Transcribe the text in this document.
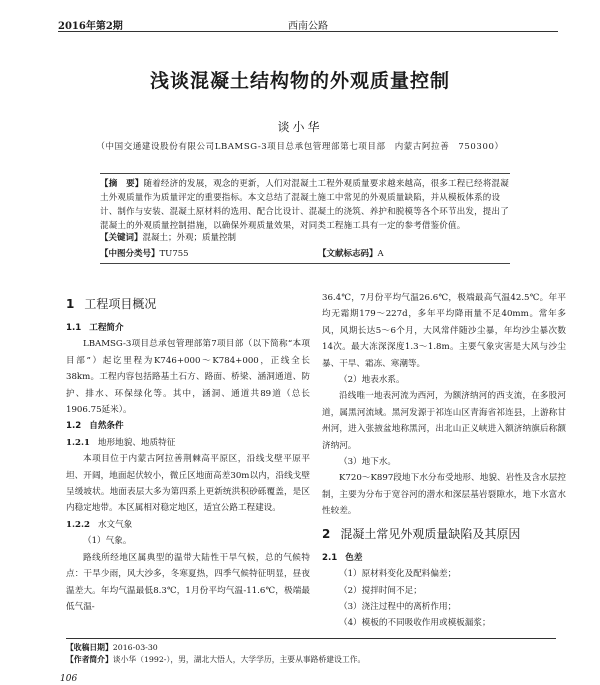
2016年第2期	西南公路
浅谈混凝土结构物的外观质量控制
谈小华
（中国交通建设股份有限公司LBAMSG-3项目总承包管理部第七项目部　内蒙古阿拉善　750300）
【摘　要】随着经济的发展，观念的更新，人们对混凝土工程外观质量要求越来越高，很多工程已经将混凝土外观质量作为质量评定的重要指标。本文总结了混凝土施工中常见的外观质量缺陷，并从模板体系的设计、制作与安装、混凝土原材料的选用、配合比设计、混凝土的浇筑、养护和脱模等各个环节出发，提出了混凝土的外观质量控制措施，以确保外观质量效果，对同类工程施工具有一定的参考借鉴价值。
【关键词】混凝土；外观；质量控制
【中图分类号】TU755	【文献标志码】A
1 工程项目概况
1.1 工程简介

LBAMSG-3项目总承包管理部第7项目部（以下简称“本项目部”）起讫里程为K746+000～K784+000，正线全长38km。工程内容包括路基土石方、路面、桥梁、涵洞通道、防护、排水、环保绿化等。其中，涵洞、通道共89道（总长1906.75延米）。

1.2 自然条件
1.2.1 地形地貌、地质特征

本项目位于内蒙古阿拉善荆棘高平原区，沿线戈壁平原平坦、开阔，地面起伏较小，微丘区地面高差30m以内，沿线戈壁呈缓坡状。地面表层大多为第四系上更新统洪积砂砾覆盖，是区内稳定地带。本区属相对稳定地区，适宜公路工程建设。

1.2.2 水文气象

（1）气象。

路线所经地区属典型的温带大陆性干旱气候，总的气候特点：干旱少雨，风大沙多，冬寒夏热，四季气候特征明显，昼夜温差大。年均气温最低8.3℃，1月份平均气温-11.6℃，极端最低气温-

36.4℃，7月份平均气温26.6℃，极端最高气温42.5℃。年平均无霜期179～227d，多年平均降雨量不足40mm。常年多风，风期长达5～6个月，大风常伴随沙尘暴，年均沙尘暴次数14次。最大冻深深度1.3～1.8m。主要气象灾害是大风与沙尘暴、干旱、霜冻、寒潮等。

（2）地表水系。

沿线唯一地表河流为西河，为额济纳河的西支流，在多股河道，属黑河流域。黑河发源于祁连山区青海省祁连县，上游称甘州河，进入张掖盆地称黑河，出北山正义峡进入额济纳旗后称额济纳河。

（3）地下水。

K720～K897段地下水分布受地形、地貌、岩性及含水层控制，主要为分布于宽谷河的潜水和深层基岩裂隙水，地下水富水性较差。

2 混凝土常见外观质量缺陷及其原因
2.1 色差

（1）原材料变化及配料偏差；

（2）搅拌时间不足；

（3）浇注过程中的离析作用；

（4）模板的不同吸收作用或模板漏浆；

【收稿日期】2016-03-30
【作者简介】谈小华（1992-），男，湖北大悟人，大学学历，主要从事路桥建设工作。
106
